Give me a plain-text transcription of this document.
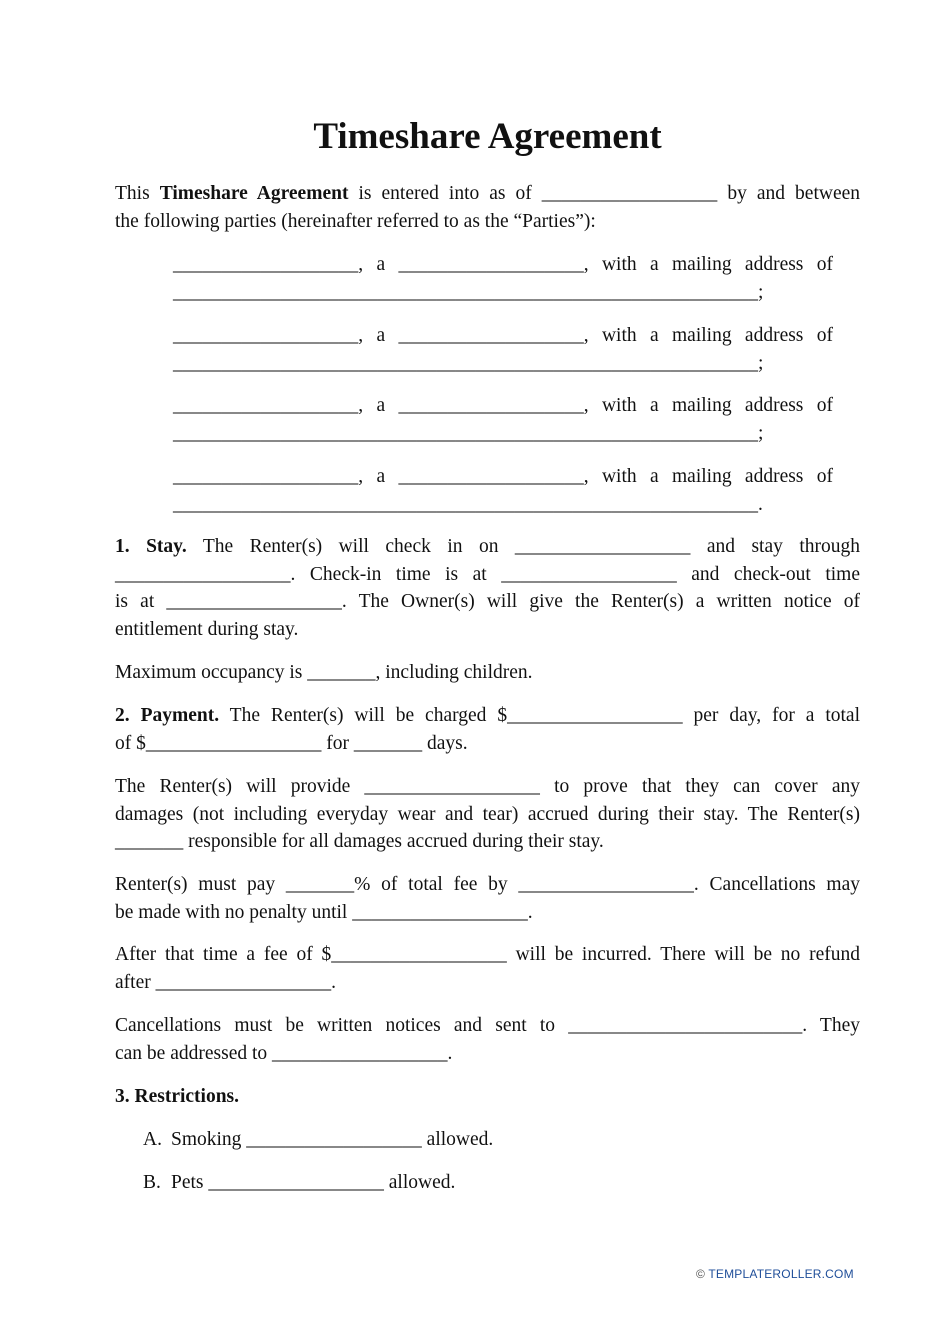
Timeshare Agreement
This Timeshare Agreement is entered into as of __________________ by and between
the following parties (hereinafter referred to as the “Parties”):
___________________, a ___________________, with a mailing address of
____________________________________________________________;
___________________, a ___________________, with a mailing address of
____________________________________________________________;
___________________, a ___________________, with a mailing address of
____________________________________________________________;
___________________, a ___________________, with a mailing address of
____________________________________________________________.
1. Stay. The Renter(s) will check in on __________________ and stay through
__________________. Check-in time is at __________________ and check-out time
is at __________________. The Owner(s) will give the Renter(s) a written notice of
entitlement during stay.
Maximum occupancy is _______, including children.
2. Payment. The Renter(s) will be charged $__________________ per day, for a total
of $__________________ for _______ days.
The Renter(s) will provide __________________ to prove that they can cover any
damages (not including everyday wear and tear) accrued during their stay. The Renter(s)
_______ responsible for all damages accrued during their stay.
Renter(s) must pay _______% of total fee by __________________. Cancellations may
be made with no penalty until __________________.
After that time a fee of $__________________ will be incurred. There will be no refund
after __________________.
Cancellations must be written notices and sent to ________________________. They
can be addressed to __________________.
3. Restrictions.
A. Smoking __________________ allowed.
B. Pets __________________ allowed.
© TEMPLATEROLLER.COM
